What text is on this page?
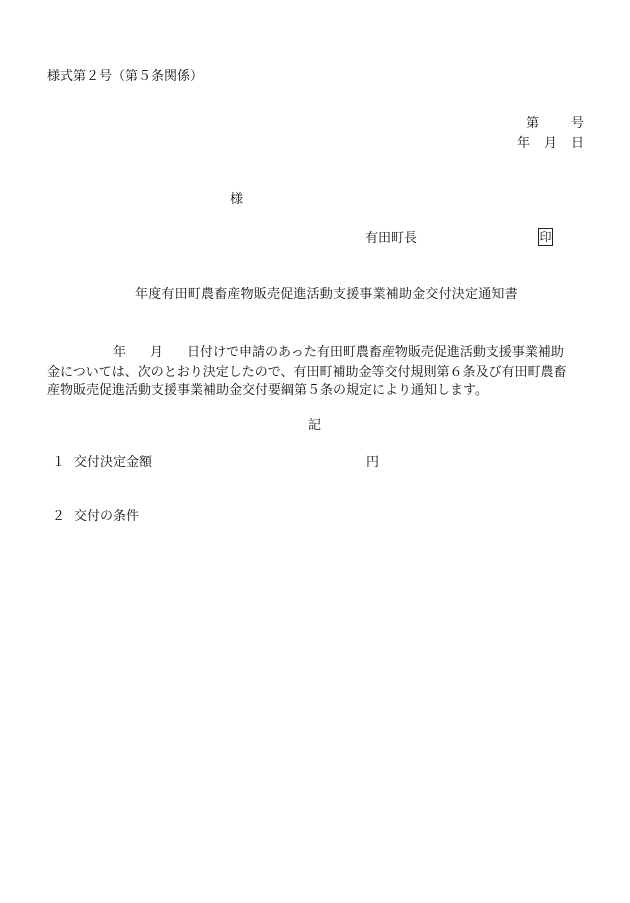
様式第２号（第５条関係）
第 号
年 月 日
様
有田町長	印
年度有田町農畜産物販売促進活動支援事業補助金交付決定通知書
年 月 日付けで申請のあった有田町農畜産物販売促進活動支援事業補助
金については、次のとおり決定したので、有田町補助金等交付規則第６条及び有田町農畜
産物販売促進活動支援事業補助金交付要綱第５条の規定により通知します。
記
１ 交付決定金額	円
２ 交付の条件
